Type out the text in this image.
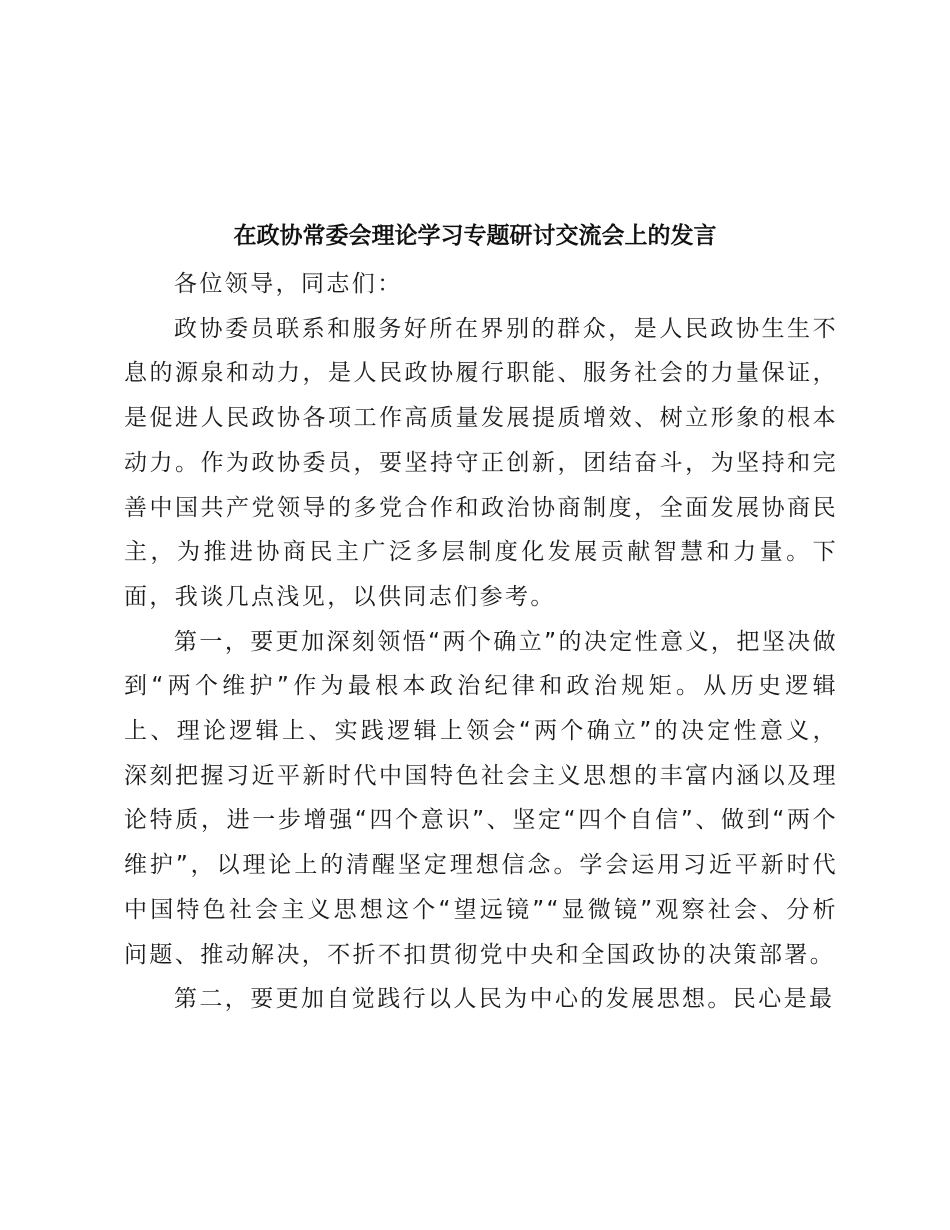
在政协常委会理论学习专题研讨交流会上的发言

各位领导，同志们：

政协委员联系和服务好所在界别的群众，是人民政协生生不息的源泉和动力，是人民政协履行职能、服务社会的力量保证，是促进人民政协各项工作高质量发展提质增效、树立形象的根本动力。作为政协委员，要坚持守正创新，团结奋斗，为坚持和完善中国共产党领导的多党合作和政治协商制度，全面发展协商民主，为推进协商民主广泛多层制度化发展贡献智慧和力量。下面，我谈几点浅见，以供同志们参考。

第一，要更加深刻领悟“两个确立”的决定性意义，把坚决做到“两个维护”作为最根本政治纪律和政治规矩。从历史逻辑上、理论逻辑上、实践逻辑上领会“两个确立”的决定性意义，深刻把握习近平新时代中国特色社会主义思想的丰富内涵以及理论特质，进一步增强“四个意识”、坚定“四个自信”、做到“两个维护”，以理论上的清醒坚定理想信念。学会运用习近平新时代中国特色社会主义思想这个“望远镜”“显微镜”观察社会、分析问题、推动解决，不折不扣贯彻党中央和全国政协的决策部署。

第二，要更加自觉践行以人民为中心的发展思想。民心是最
